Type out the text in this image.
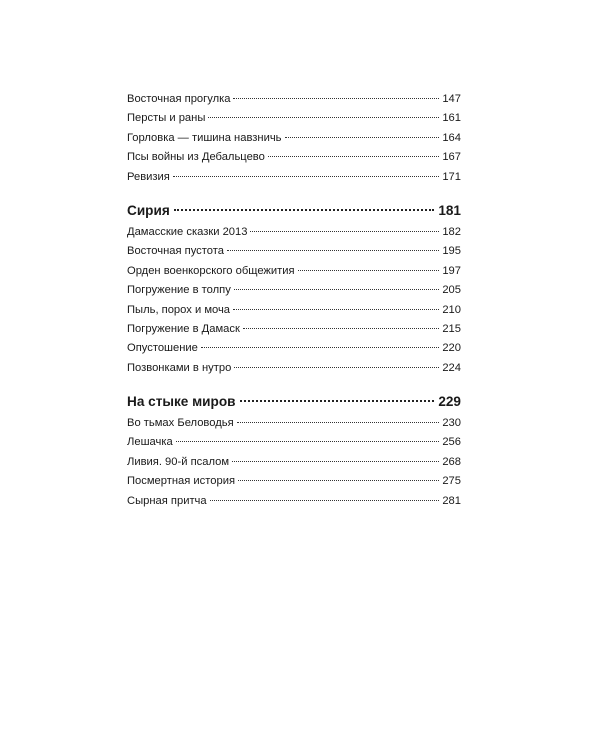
Восточная прогулка	147
Персты и раны	161
Горловка — тишина навзничь	164
Псы войны из Дебальцево	167
Ревизия	171
Сирия	181
Дамасские сказки 2013	182
Восточная пустота	195
Орден военкорского общежития	197
Погружение в толпу	205
Пыль, порох и моча	210
Погружение в Дамаск	215
Опустошение	220
Позвонками в нутро	224
На стыке миров	229
Во тьмах Беловодья	230
Лешачка	256
Ливия. 90-й псалом	268
Посмертная история	275
Сырная притча	281
